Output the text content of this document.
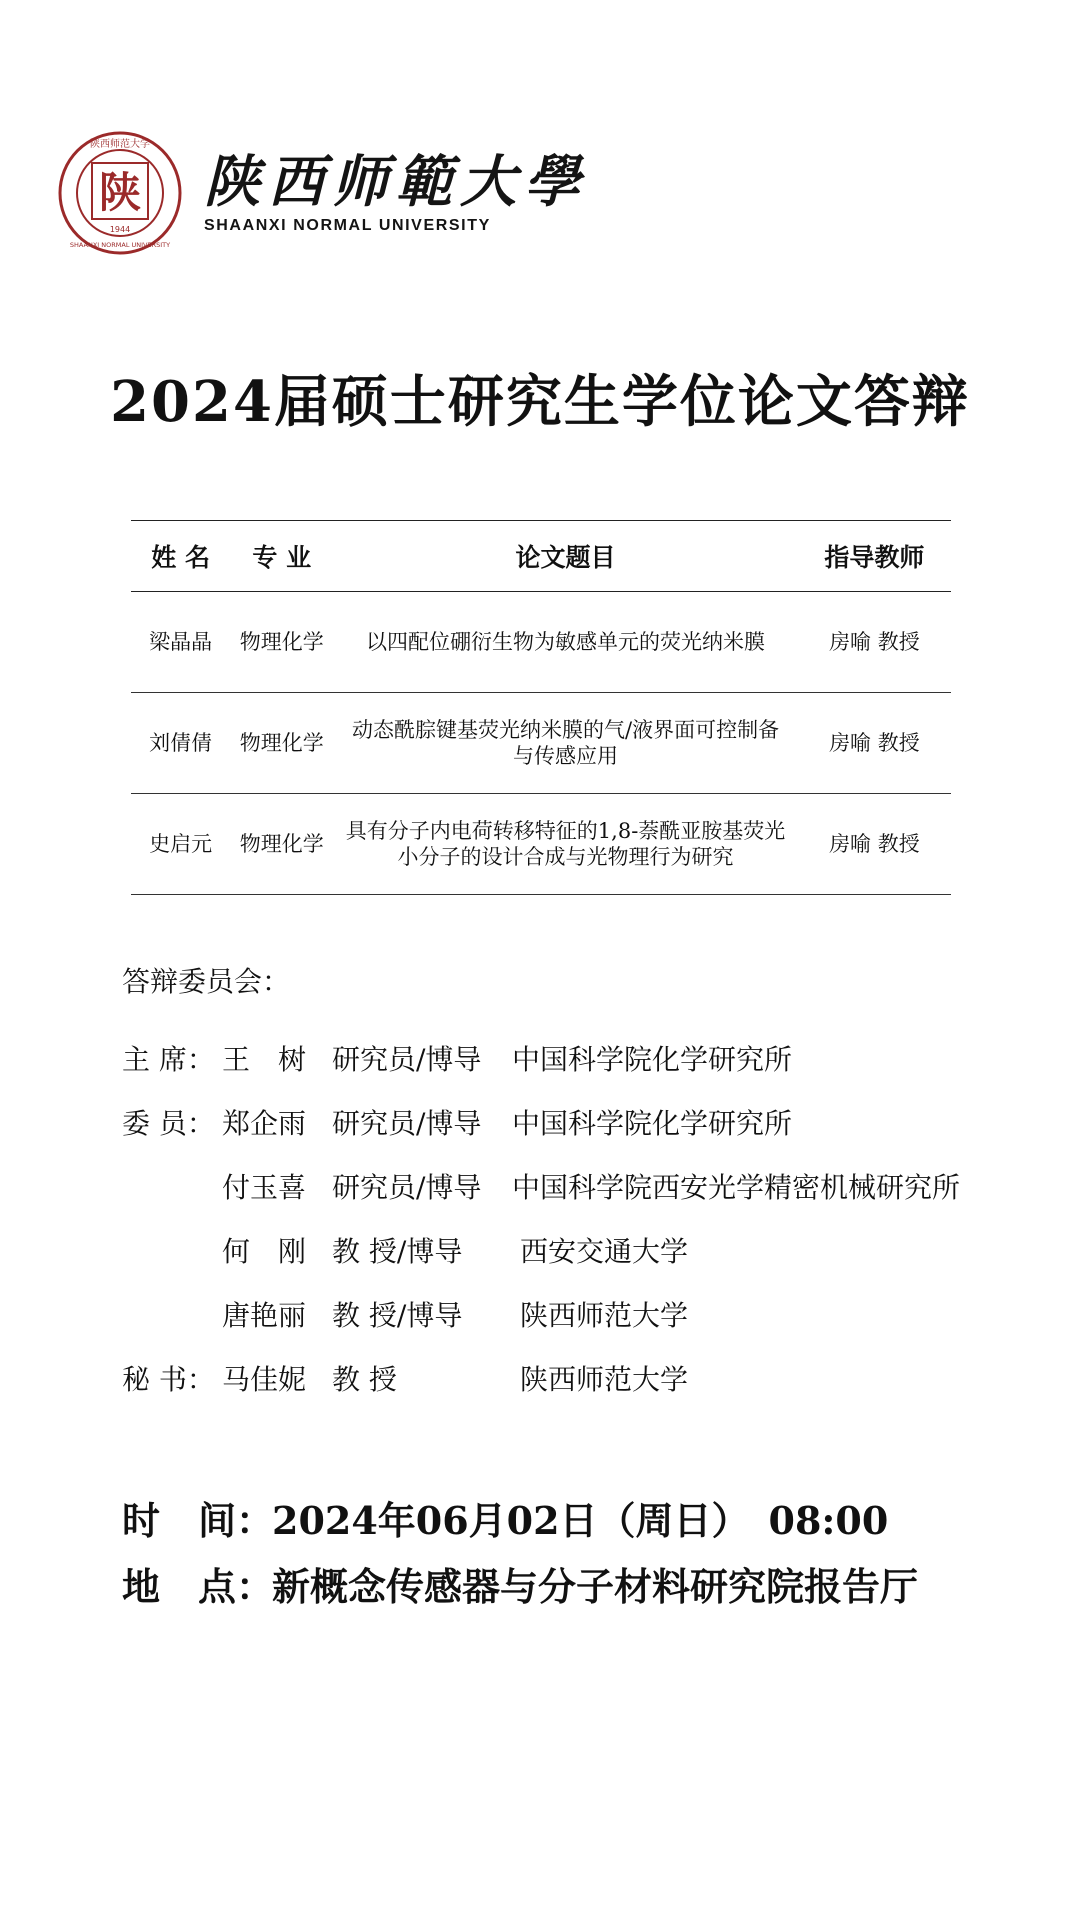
陕
陕西师范大学
1944
SHAANXI NORMAL UNIVERSITY
陕西师範大學
SHAANXI NORMAL UNIVERSITY
2024届硕士研究生学位论文答辩
姓 名	专 业	论文题目	指导教师
梁晶晶	物理化学	以四配位硼衍生物为敏感单元的荧光纳米膜	房喻 教授
刘倩倩	物理化学	动态酰腙键基荧光纳米膜的气/液界面可控制备与传感应用	房喻 教授
史启元	物理化学	具有分子内电荷转移特征的1,8-萘酰亚胺基荧光小分子的设计合成与光物理行为研究	房喻 教授
答辩委员会：
主 席： 王　树 研究员/博导	中国科学院化学研究所
委 员： 郑企雨 研究员/博导	中国科学院化学研究所
付玉喜 研究员/博导	中国科学院西安光学精密机械研究所
何　刚 教 授/博导	西安交通大学
唐艳丽 教 授/博导	陕西师范大学
秘 书： 马佳妮 教 授	陕西师范大学
时　间：2024年06月02日（周日）　08:00
地　点：新概念传感器与分子材料研究院报告厅
